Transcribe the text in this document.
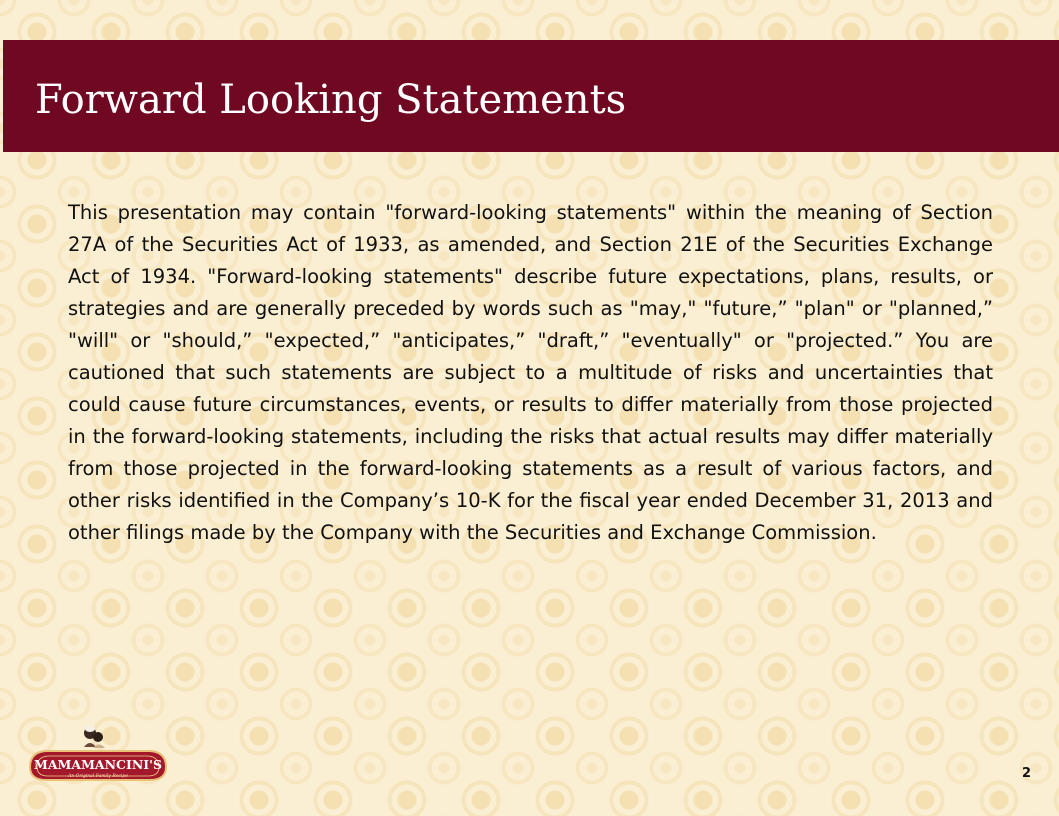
Forward Looking Statements

This presentation may contain "forward-looking statements" within the meaning of Section 27A of the Securities Act of 1933, as amended, and Section 21E of the Securities Exchange Act of 1934. "Forward-looking statements" describe future expectations, plans, results, or strategies and are generally preceded by words such as "may," "future,” "plan" or "planned,” "will" or "should,” "expected,” "anticipates,” "draft,” "eventually" or "projected.” You are cautioned that such statements are subject to a multitude of risks and uncertainties that could cause future circumstances, events, or results to differ materially from those projected in the forward-looking statements, including the risks that actual results may differ materially from those projected in the forward-looking statements as a result of various factors, and other risks identified in the Company’s 10-K for the fiscal year ended December 31, 2013 and other filings made by the Company with the Securities and Exchange Commission.

MAMAMANCINI'S
An Original Family Recipe	2
